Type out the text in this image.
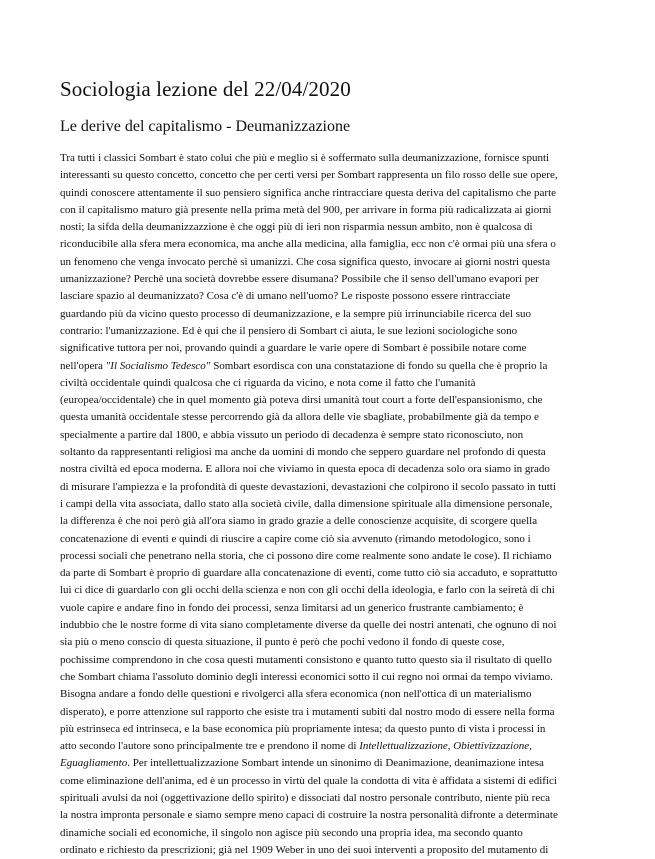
Sociologia lezione del 22/04/2020
Le derive del capitalismo - Deumanizzazione
Tra tutti i classici Sombart è stato colui che più e meglio si è soffermato sulla deumanizzazione, fornisce spunti
interessanti su questo concetto, concetto che per certi versi per Sombart rappresenta un filo rosso delle sue opere,
quindi conoscere attentamente il suo pensiero significa anche rintracciare questa deriva del capitalismo che parte
con il capitalismo maturo già presente nella prima metà del 900, per arrivare in forma più radicalizzata ai giorni
nosti; la sifda della deumanizzazzione è che oggi più di ieri non risparmia nessun ambito, non è qualcosa di
riconducibile alla sfera mera economica, ma anche alla medicina, alla famiglia, ecc non c'è ormai più una sfera o
un fenomeno che venga invocato perchè si umanizzi. Che cosa significa questo, invocare ai giorni nostri questa
umanizzazione? Perchè una società dovrebbe essere disumana? Possibile che il senso dell'umano evapori per
lasciare spazio al deumanizzato? Cosa c'è di umano nell'uomo? Le risposte possono essere rintracciate
guardando più da vicino questo processo di deumanizzazione, e la sempre più irrinunciabile ricerca del suo
contrario: l'umanizzazione. Ed è qui che il pensiero di Sombart ci aiuta, le sue lezioni sociologiche sono
significative tuttora per noi, provando quindi a guardare le varie opere di Sombart è possibile notare come
nell'opera "Il Socialismo Tedesco" Sombart esordisca con una constatazione di fondo su quella che è proprio la
civiltà occidentale quindi qualcosa che ci riguarda da vicino, e nota come il fatto che l'umanità
(europea/occidentale) che in quel momento già poteva dirsi umanità tout court a forte dell'espansionismo, che
questa umanità occidentale stesse percorrendo già da allora delle vie sbagliate, probabilmente già da tempo e
specialmente a partire dal 1800, e abbia vissuto un periodo di decadenza è sempre stato riconosciuto, non
soltanto da rappresentanti religiosi ma anche da uomini di mondo che seppero guardare nel profondo di questa
nostra civiltà ed epoca moderna. E allora noi che viviamo in questa epoca di decadenza solo ora siamo in grado
di misurare l'ampiezza e la profondità di queste devastazioni, devastazioni che colpirono il secolo passato in tutti
i campi della vita associata, dallo stato alla società civile, dalla dimensione spirituale alla dimensione personale,
la differenza è che noi però già all'ora siamo in grado grazie a delle conoscienze acquisite, di scorgere quella
concatenazione di eventi e quindi di riuscire a capire come ciò sia avvenuto (rimando metodologico, sono i
processi sociali che penetrano nella storia, che ci possono dire come realmente sono andate le cose). Il richiamo
da parte di Sombart è proprio di guardare alla concatenazione di eventi, come tutto ciò sia accaduto, e soprattutto
lui ci dice di guardarlo con gli occhi della scienza e non con gli occhi della ideologia, e farlo con la seiretà di chi
vuole capire e andare fino in fondo dei processi, senza limitarsi ad un generico frustrante cambiamento; è
indubbio che le nostre forme di vita siano completamente diverse da quelle dei nostri antenati, che ognuno di noi
sia più o meno conscio di questa situazione, il punto è però che pochi vedono il fondo di queste cose,
pochissime comprendono in che cosa questi mutamenti consistono e quanto tutto questo sia il risultato di quello
che Sombart chiama l'assoluto dominio degli interessi economici sotto il cui regno noi ormai da tempo viviamo.
Bisogna andare a fondo delle questioni e rivolgerci alla sfera economica (non nell'ottica di un materialismo
disperato), e porre attenzione sul rapporto che esiste tra i mutamenti subiti dal nostro modo di essere nella forma
più estrinseca ed intrinseca, e la base economica più propriamente intesa; da questo punto di vista i processi in
atto secondo l'autore sono principalmente tre e prendono il nome di Intellettualizzazione, Obiettivizzazione,
Eguagliamento. Per intellettualizzazione Sombart intende un sinonimo di Deanimazione, deanimazione intesa
come eliminazione dell'anima, ed è un processo in virtù del quale la condotta di vita è affidata a sistemi di edifici
spirituali avulsi da noi (oggettivazione dello spirito) e dissociati dal nostro personale contributo, niente più reca
la nostra impronta personale e siamo sempre meno capaci di costruire la nostra personalità difronte a determinate
dinamiche sociali ed economiche, il singolo non agisce più secondo una propria idea, ma secondo quanto
ordinato e richiesto da prescrizioni; già nel 1909 Weber in uno dei suoi interventi a proposito del mutamento di
